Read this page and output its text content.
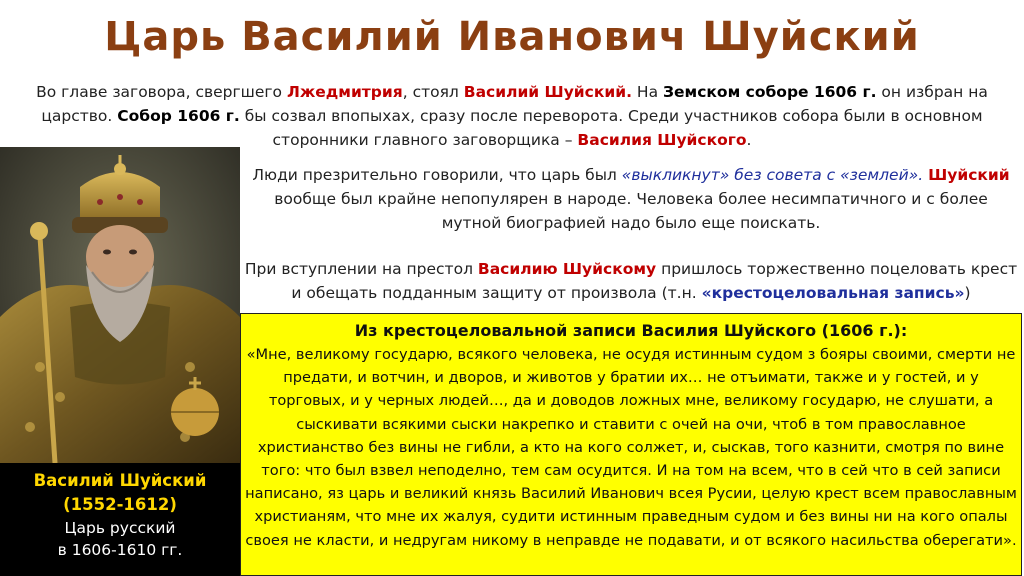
Царь Василий Иванович Шуйский
Во главе заговора, свергшего Лжедмитрия, стоял Василий Шуйский. На Земском соборе 1606 г. он избран на царство. Собор 1606 г. бы созвал впопыхах, сразу после переворота. Среди участников собора были в основном сторонники главного заговорщика – Василия Шуйского.
Василий Шуйский
(1552-1612)
Царь русский
в 1606-1610 гг.
Люди презрительно говорили, что царь был «выкликнут» без совета с «землей». Шуйский вообще был крайне непопулярен в народе. Человека более несимпатичного и с более мутной биографией надо было еще поискать.
При вступлении на престол Василию Шуйскому пришлось торжественно поцеловать крест и обещать подданным защиту от произвола (т.н. «крестоцеловальная запись»)
Из крестоцеловальной записи Василия Шуйского (1606 г.):
«Мне, великому государю, всякого человека, не осудя истинным судом з бояры своими, смерти не предати, и вотчин, и дворов, и животов у братии их… не отъимати, также и у гостей, и у торговых, и у черных людей…, да и доводов ложных мне, великому государю, не слушати, а сыскивати всякими сыски накрепко и ставити с очей на очи, чтоб в том православное христианство без вины не гибли, а кто на кого солжет, и, сыскав, того казнити, смотря по вине того: что был взвел неподелно, тем сам осудится. И на том на всем, что в сей что в сей записи написано, яз царь и великий князь Василий Иванович всея Русии, целую крест всем православным христианям, что мне их жалуя, судити истинным праведным судом и без вины ни на кого опалы своея не класти, и недругам никому в неправде не подавати, и от всякого насильства оберегати».
